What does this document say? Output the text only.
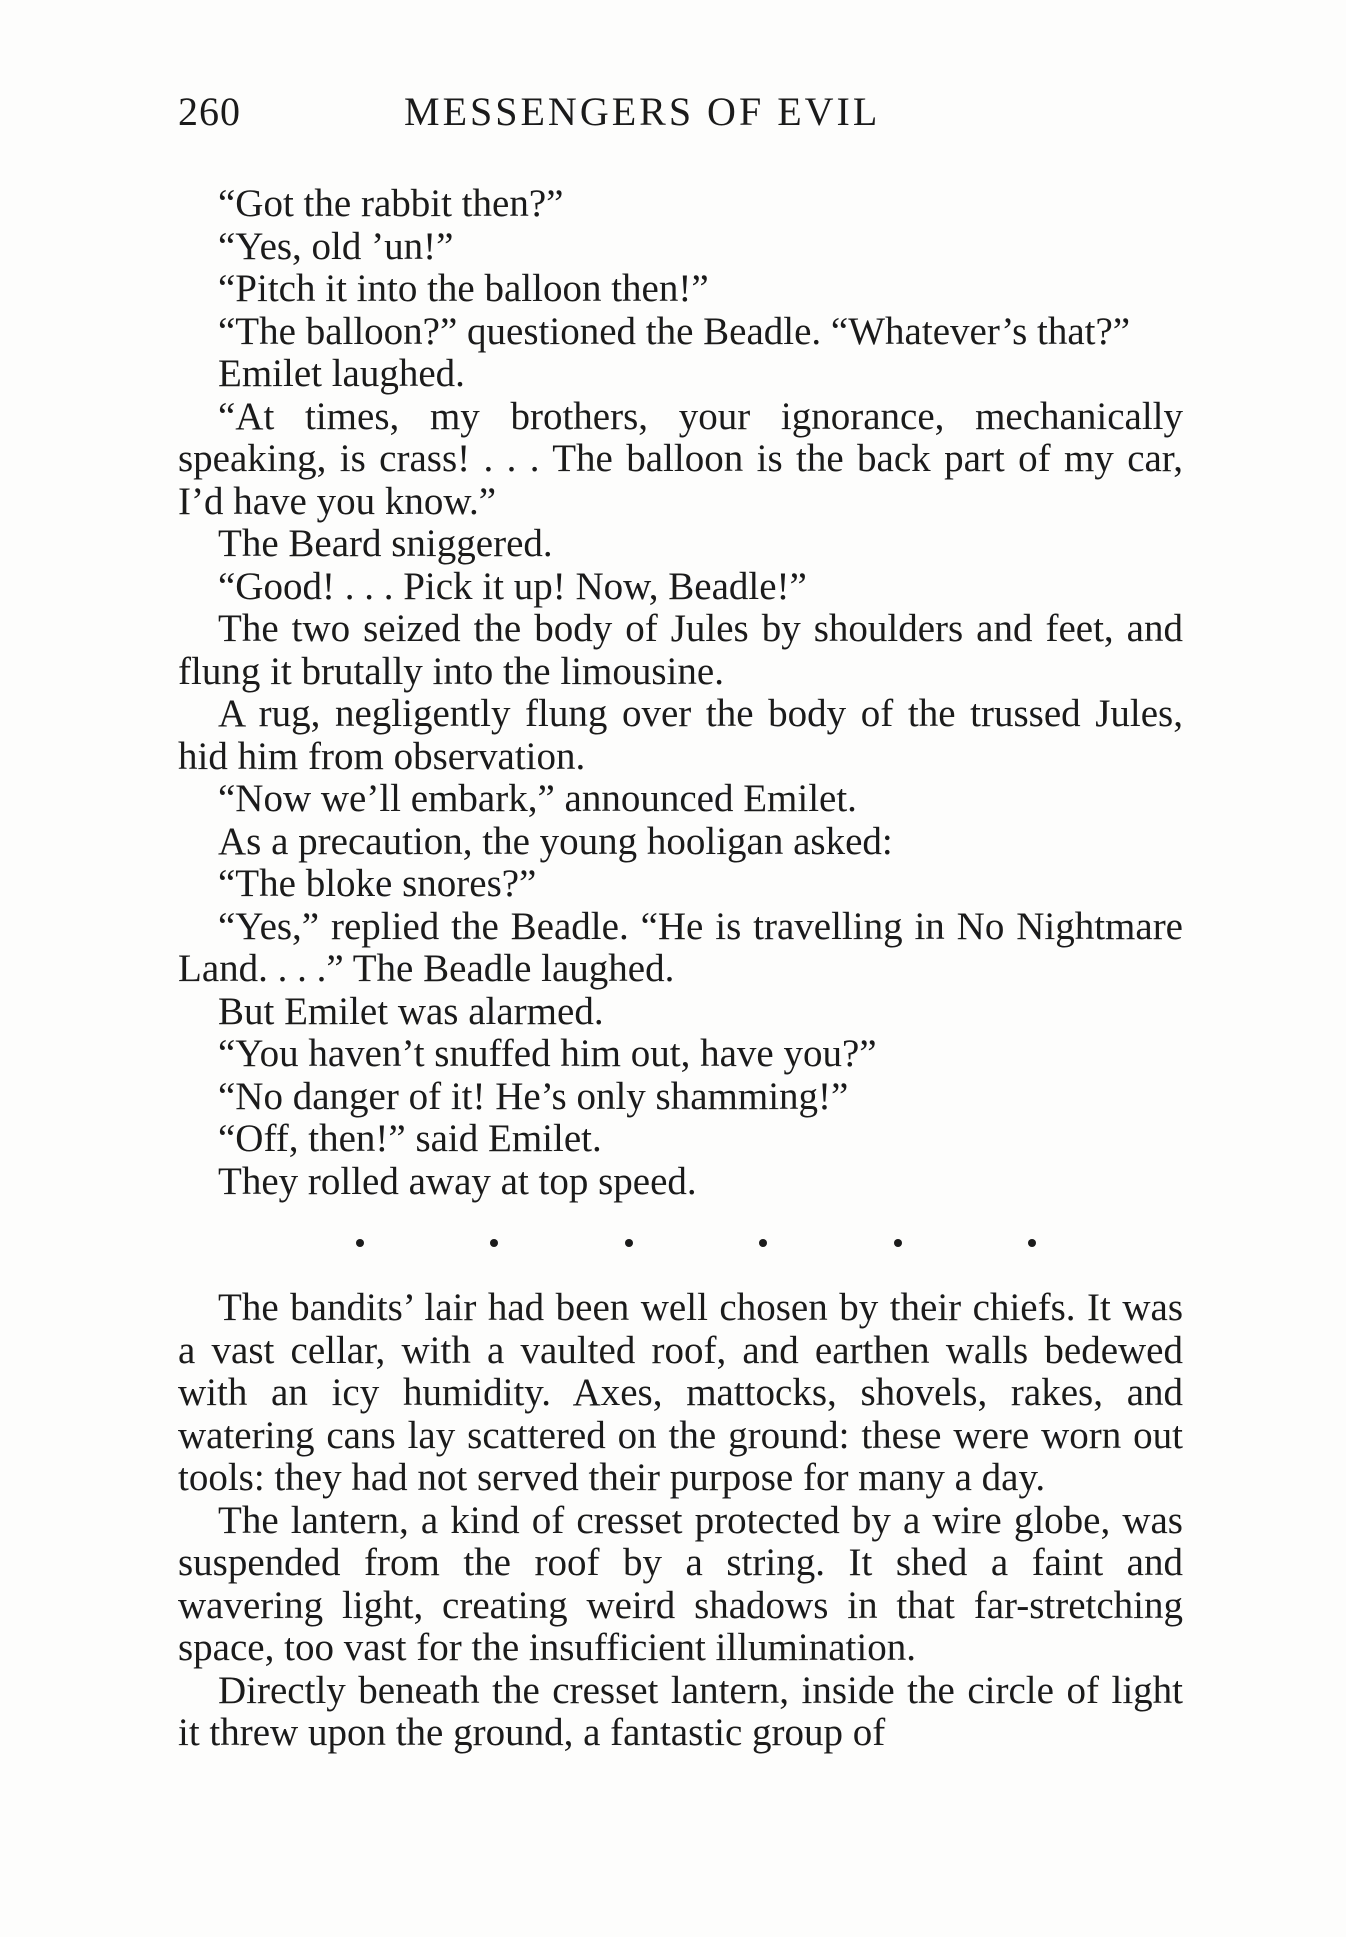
260	MESSENGERS OF EVIL

“Got the rabbit then?”

“Yes, old ’un!”

“Pitch it into the balloon then!”

“The balloon?” questioned the Beadle. “Whatever’s that?”

Emilet laughed.

“At times, my brothers, your ignorance, mechanically speaking, is crass! . . . The balloon is the back part of my car, I’d have you know.”

The Beard sniggered.

“Good! . . . Pick it up! Now, Beadle!”

The two seized the body of Jules by shoulders and feet, and flung it brutally into the limousine.

A rug, negligently flung over the body of the trussed Jules, hid him from observation.

“Now we’ll embark,” announced Emilet.

As a precaution, the young hooligan asked:

“The bloke snores?”

“Yes,” replied the Beadle. “He is travelling in No Nightmare Land. . . .” The Beadle laughed.

But Emilet was alarmed.

“You haven’t snuffed him out, have you?”

“No danger of it! He’s only shamming!”

“Off, then!” said Emilet.

They rolled away at top speed.

The bandits’ lair had been well chosen by their chiefs. It was a vast cellar, with a vaulted roof, and earthen walls bedewed with an icy humidity. Axes, mattocks, shovels, rakes, and watering cans lay scattered on the ground: these were worn out tools: they had not served their purpose for many a day.

The lantern, a kind of cresset protected by a wire globe, was suspended from the roof by a string. It shed a faint and wavering light, creating weird shadows in that far-stretching space, too vast for the insufficient illumination.

Directly beneath the cresset lantern, inside the circle of light it threw upon the ground, a fantastic group of
